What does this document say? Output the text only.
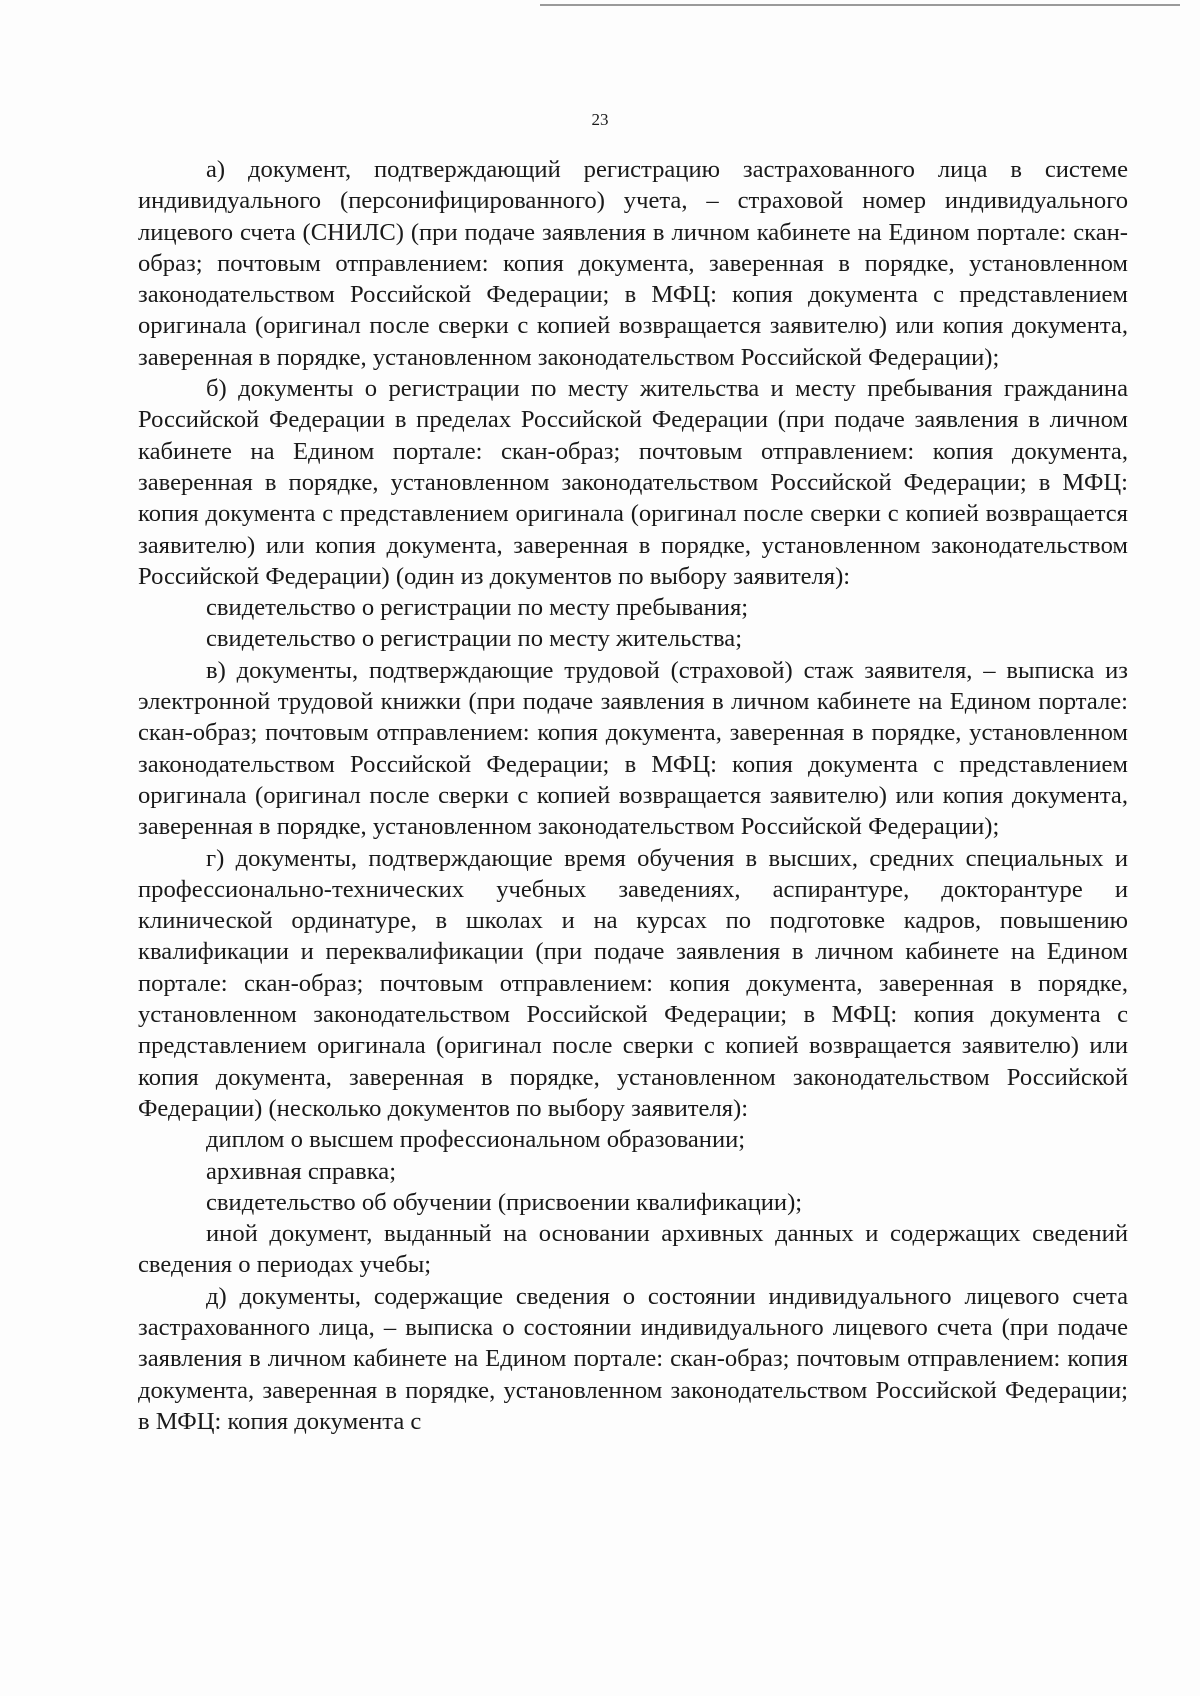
23

а) документ, подтверждающий регистрацию застрахованного лица в системе индивидуального (персонифицированного) учета, – страховой номер индивидуального лицевого счета (СНИЛС) (при подаче заявления в личном кабинете на Едином портале: скан-образ; почтовым отправлением: копия документа, заверенная в порядке, установленном законодательством Российской Федерации; в МФЦ: копия документа с представлением оригинала (оригинал после сверки с копией возвращается заявителю) или копия документа, заверенная в порядке, установленном законодательством Российской Федерации);

б) документы о регистрации по месту жительства и месту пребывания гражданина Российской Федерации в пределах Российской Федерации (при подаче заявления в личном кабинете на Едином портале: скан-образ; почтовым отправлением: копия документа, заверенная в порядке, установленном законодательством Российской Федерации; в МФЦ: копия документа с представлением оригинала (оригинал после сверки с копией возвращается заявителю) или копия документа, заверенная в порядке, установленном законодательством Российской Федерации) (один из документов по выбору заявителя):

свидетельство о регистрации по месту пребывания;

свидетельство о регистрации по месту жительства;

в) документы, подтверждающие трудовой (страховой) стаж заявителя, – выписка из электронной трудовой книжки (при подаче заявления в личном кабинете на Едином портале: скан-образ; почтовым отправлением: копия документа, заверенная в порядке, установленном законодательством Российской Федерации; в МФЦ: копия документа с представлением оригинала (оригинал после сверки с копией возвращается заявителю) или копия документа, заверенная в порядке, установленном законодательством Российской Федерации);

г) документы, подтверждающие время обучения в высших, средних специальных и профессионально-технических учебных заведениях, аспирантуре, докторантуре и клинической ординатуре, в школах и на курсах по подготовке кадров, повышению квалификации и переквалификации (при подаче заявления в личном кабинете на Едином портале: скан-образ; почтовым отправлением: копия документа, заверенная в порядке, установленном законодательством Российской Федерации; в МФЦ: копия документа с представлением оригинала (оригинал после сверки с копией возвращается заявителю) или копия документа, заверенная в порядке, установленном законодательством Российской Федерации) (несколько документов по выбору заявителя):

диплом о высшем профессиональном образовании;

архивная справка;

свидетельство об обучении (присвоении квалификации);

иной документ, выданный на основании архивных данных и содержащих сведений сведения о периодах учебы;

д) документы, содержащие сведения о состоянии индивидуального лицевого счета застрахованного лица, – выписка о состоянии индивидуального лицевого счета (при подаче заявления в личном кабинете на Едином портале: скан-образ; почтовым отправлением: копия документа, заверенная в порядке, установленном законодательством Российской Федерации; в МФЦ: копия документа с
